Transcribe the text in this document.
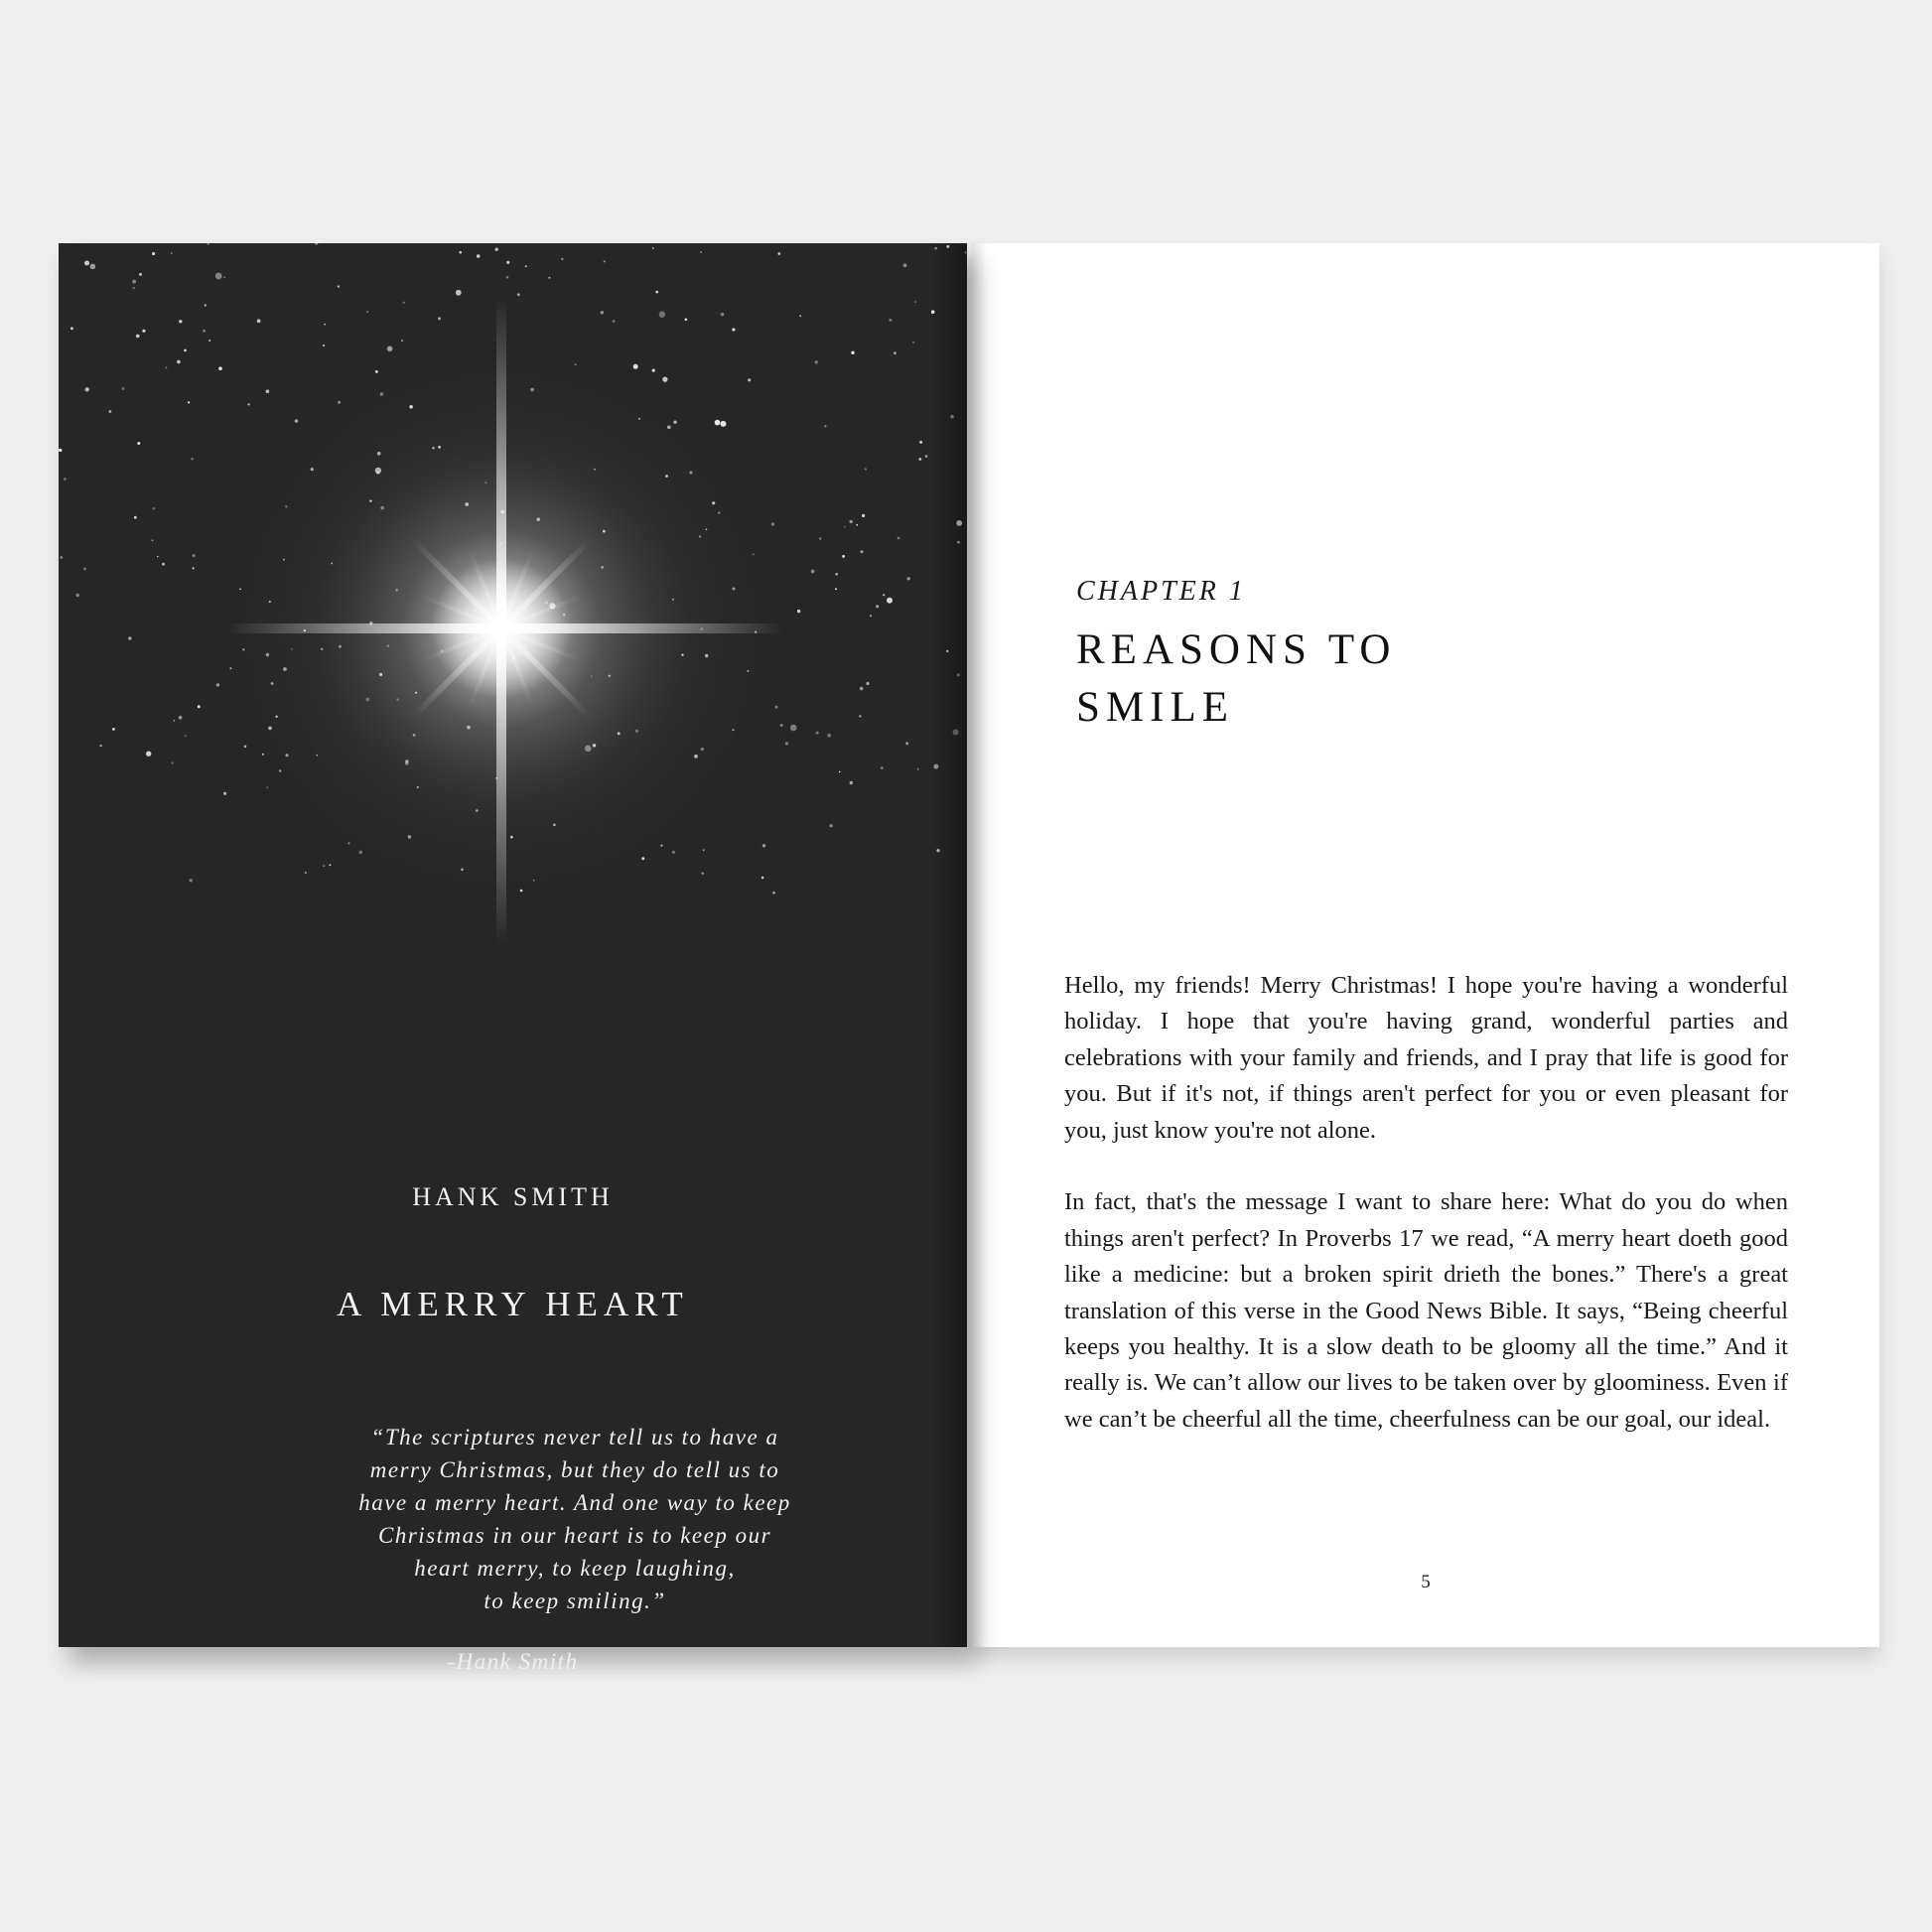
HANK SMITH
A MERRY HEART

“The scriptures never tell us to have a
merry Christmas, but they do tell us to
have a merry heart. And one way to keep
Christmas in our heart is to keep our
heart merry, to keep laughing,
to keep smiling.”

-Hank Smith
CHAPTER 1
REASONS TO
SMILE

Hello, my friends! Merry Christmas! I hope you're having a wonderful holiday. I hope that you're having grand, wonderful parties and celebrations with your family and friends, and I pray that life is good for you. But if it's not, if things aren't perfect for you or even pleasant for you, just know you're not alone.

In fact, that's the message I want to share here: What do you do when things aren't perfect? In Proverbs 17 we read, “A merry heart doeth good like a medicine: but a broken spirit drieth the bones.” There's a great translation of this verse in the Good News Bible. It says, “Being cheerful keeps you healthy. It is a slow death to be gloomy all the time.” And it really is. We can’t allow our lives to be taken over by gloominess. Even if we can’t be cheerful all the time, cheerfulness can be our goal, our ideal.

5
